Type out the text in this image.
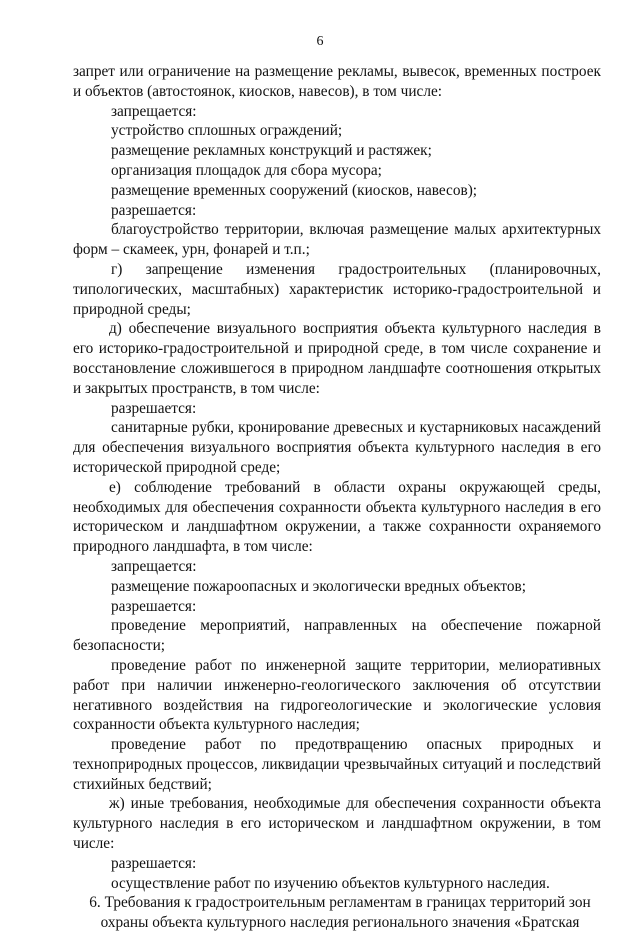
6

запрет или ограничение на размещение рекламы, вывесок, временных построек и объектов (автостоянок, киосков, навесов), в том числе:

запрещается:

устройство сплошных ограждений;

размещение рекламных конструкций и растяжек;

организация площадок для сбора мусора;

размещение временных сооружений (киосков, навесов);

разрешается:

благоустройство территории, включая размещение малых архитектурных форм – скамеек, урн, фонарей и т.п.;

г) запрещение изменения градостроительных (планировочных, типологических, масштабных) характеристик историко-градостроительной и природной среды;

д) обеспечение визуального восприятия объекта культурного наследия в его историко-градостроительной и природной среде, в том числе сохранение и восстановление сложившегося в природном ландшафте соотношения открытых и закрытых пространств, в том числе:

разрешается:

санитарные рубки, кронирование древесных и кустарниковых насаждений для обеспечения визуального восприятия объекта культурного наследия в его исторической природной среде;

е) соблюдение требований в области охраны окружающей среды, необходимых для обеспечения сохранности объекта культурного наследия в его историческом и ландшафтном окружении, а также сохранности охраняемого природного ландшафта, в том числе:

запрещается:

размещение пожароопасных и экологически вредных объектов;

разрешается:

проведение мероприятий, направленных на обеспечение пожарной безопасности;

проведение работ по инженерной защите территории, мелиоративных работ при наличии инженерно-геологического заключения об отсутствии негативного воздействия на гидрогеологические и экологические условия сохранности объекта культурного наследия;

проведение работ по предотвращению опасных природных и техноприродных процессов, ликвидации чрезвычайных ситуаций и последствий стихийных бедствий;

ж) иные требования, необходимые для обеспечения сохранности объекта культурного наследия в его историческом и ландшафтном окружении, в том числе:

разрешается:

осуществление работ по изучению объектов культурного наследия.

6. Требования к градостроительным регламентам в границах территорий зон охраны объекта культурного наследия регионального значения «Братская
